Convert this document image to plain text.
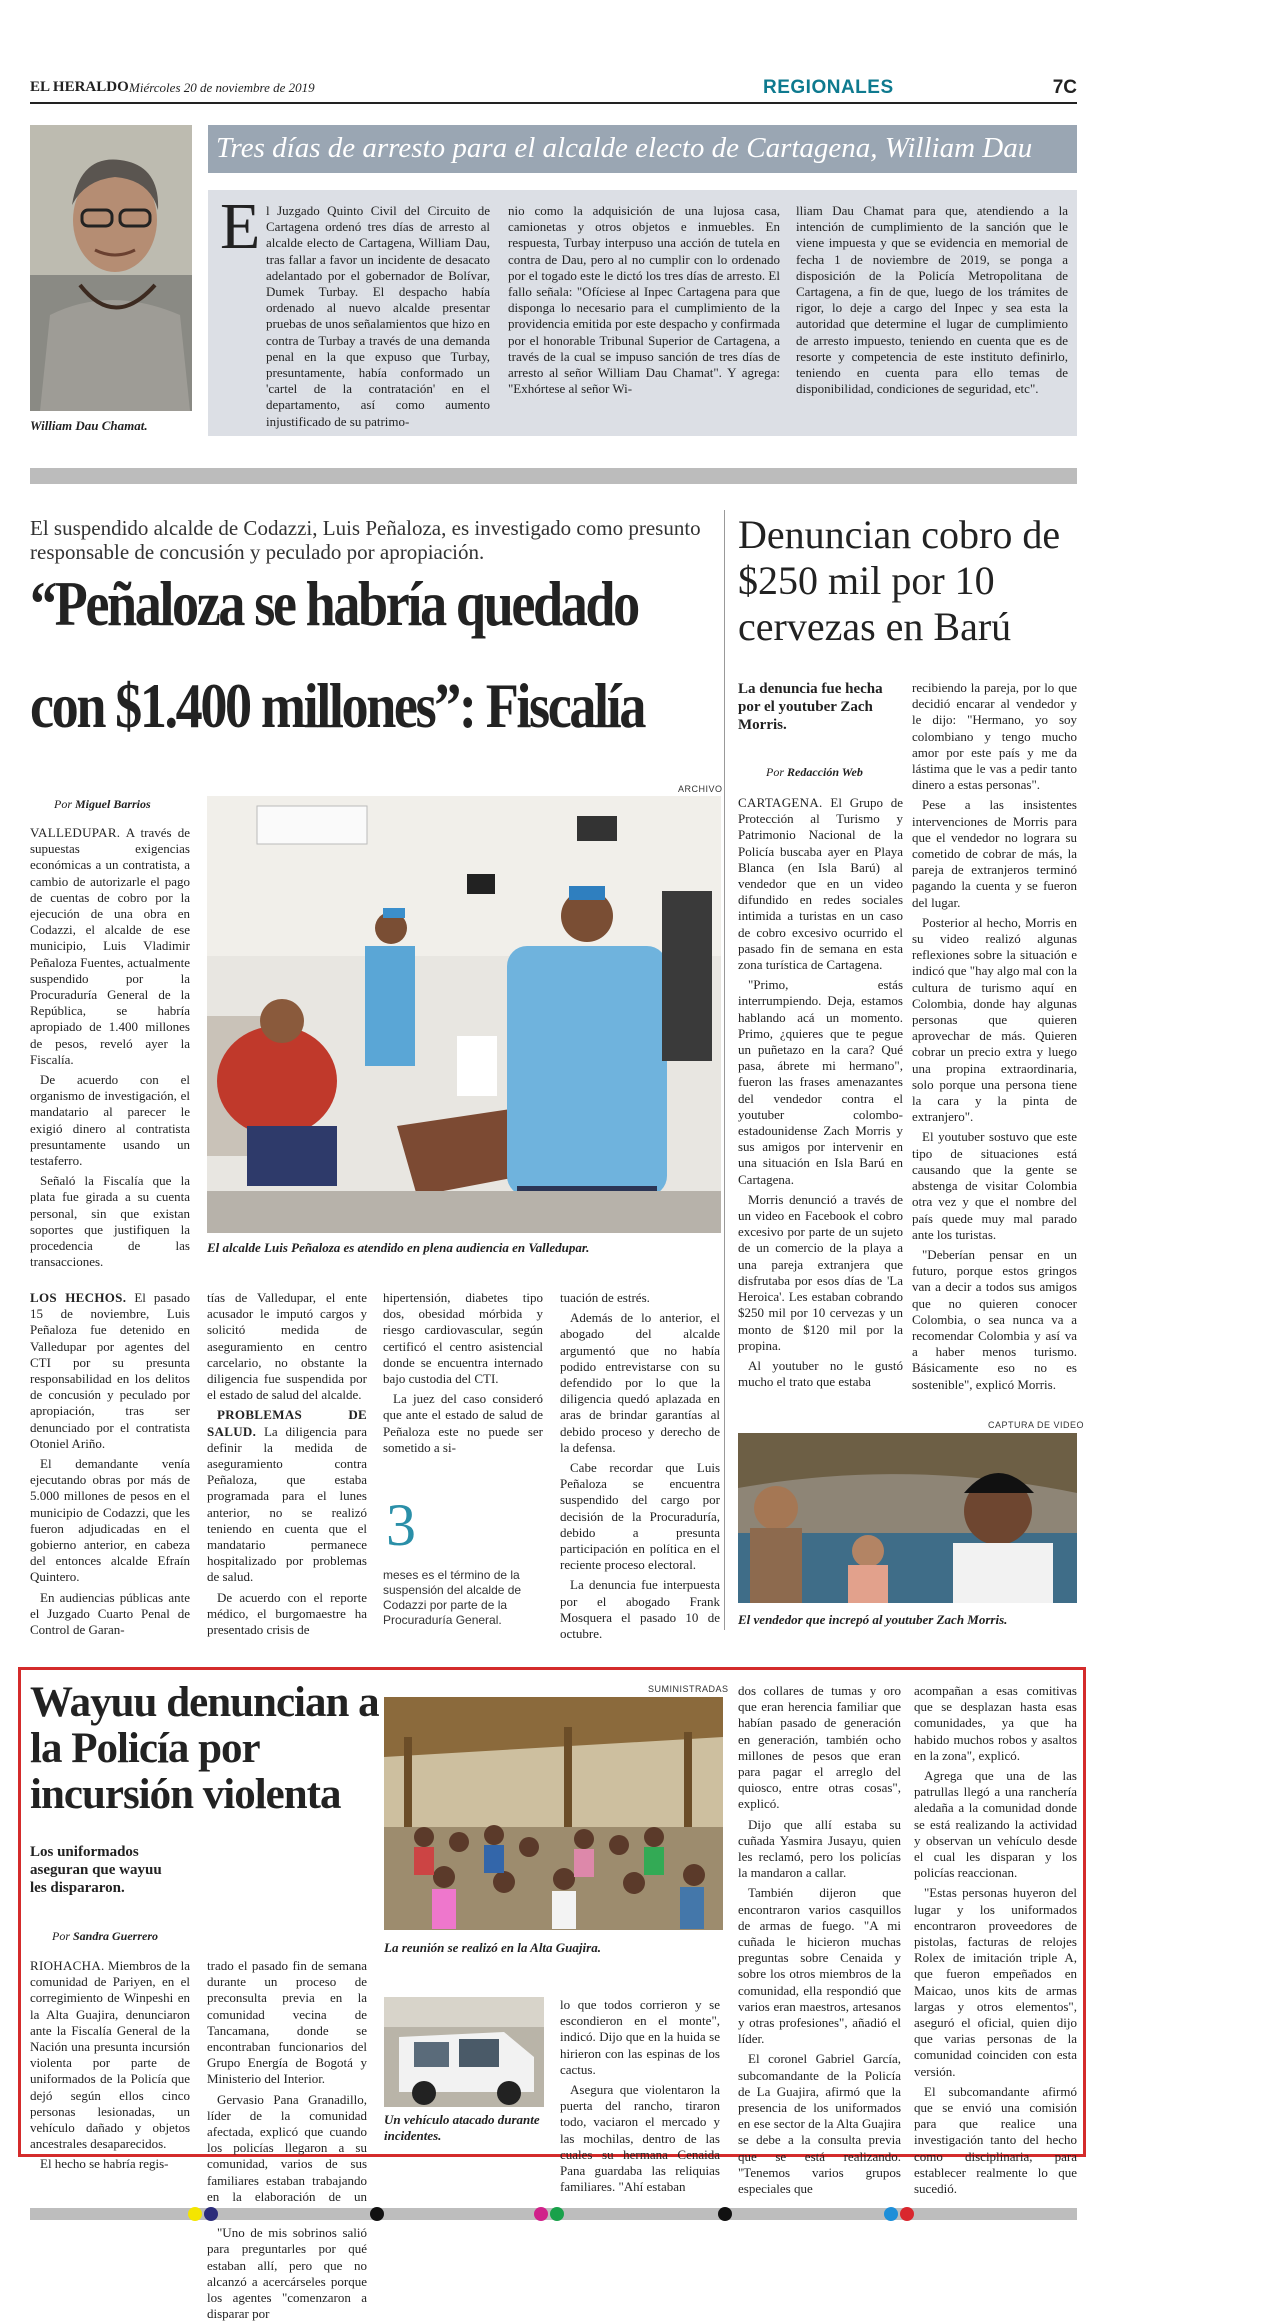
EL HERALDO Miércoles 20 de noviembre de 2019	REGIONALES	7C
William Dau Chamat.
Tres días de arresto para el alcalde electo de Cartagena, William Dau
E l Juzgado Quinto Civil del Circuito de Cartagena ordenó tres días de arresto al alcalde electo de Cartagena, William Dau, tras fallar a favor un incidente de desacato adelantado por el gobernador de Bolívar, Dumek Turbay. El despacho había ordenado al nuevo alcalde presentar pruebas de unos señalamientos que hizo en contra de Turbay a través de una demanda penal en la que expuso que Turbay, presuntamente, había conformado un 'cartel de la contratación' en el departamento, así como aumento injustificado de su patrimo-

nio como la adquisición de una lujosa casa, camionetas y otros objetos e inmuebles. En respuesta, Turbay interpuso una acción de tutela en contra de Dau, pero al no cumplir con lo ordenado por el togado este le dictó los tres días de arresto. El fallo señala: "Ofíciese al Inpec Cartagena para que disponga lo necesario para el cumplimiento de la providencia emitida por este despacho y confirmada por el honorable Tribunal Superior de Cartagena, a través de la cual se impuso sanción de tres días de arresto al señor William Dau Chamat". Y agrega: "Exhórtese al señor Wi-

lliam Dau Chamat para que, atendiendo a la intención de cumplimiento de la sanción que le viene impuesta y que se evidencia en memorial de fecha 1 de noviembre de 2019, se ponga a disposición de la Policía Metropolitana de Cartagena, a fin de que, luego de los trámites de rigor, lo deje a cargo del Inpec y sea esta la autoridad que determine el lugar de cumplimiento de arresto impuesto, teniendo en cuenta que es de resorte y competencia de este instituto definirlo, teniendo en cuenta para ello temas de disponibilidad, condiciones de seguridad, etc".

El suspendido alcalde de Codazzi, Luis Peñaloza, es investigado como presunto responsable de concusión y peculado por apropiación.
“Peñaloza se habría quedado
con $1.400 millones”: Fiscalía
Por Miguel Barrios

VALLEDUPAR. A través de supuestas exigencias económicas a un contratista, a cambio de autorizarle el pago de cuentas de cobro por la ejecución de una obra en Codazzi, el alcalde de ese municipio, Luis Vladimir Peñaloza Fuentes, actualmente suspendido por la Procuraduría General de la República, se habría apropiado de 1.400 millones de pesos, reveló ayer la Fiscalía.

De acuerdo con el organismo de investigación, el mandatario al parecer le exigió dinero al contratista presuntamente usando un testaferro.

Señaló la Fiscalía que la plata fue girada a su cuenta personal, sin que existan soportes que justifiquen la procedencia de las transacciones.

ARCHIVO
El alcalde Luis Peñaloza es atendido en plena audiencia en Valledupar.

LOS HECHOS. El pasado 15 de noviembre, Luis Peñaloza fue detenido en Valledupar por agentes del CTI por su presunta responsabilidad en los delitos de concusión y peculado por apropiación, tras ser denunciado por el contratista Otoniel Ariño.

El demandante venía ejecutando obras por más de 5.000 millones de pesos en el municipio de Codazzi, que les fueron adjudicadas en el gobierno anterior, en cabeza del entonces alcalde Efraín Quintero.

En audiencias públicas ante el Juzgado Cuarto Penal de Control de Garan-

tías de Valledupar, el ente acusador le imputó cargos y solicitó medida de aseguramiento en centro carcelario, no obstante la diligencia fue suspendida por el estado de salud del alcalde.

PROBLEMAS DE SALUD. La diligencia para definir la medida de aseguramiento contra Peñaloza, que estaba programada para el lunes anterior, no se realizó teniendo en cuenta que el mandatario permanece hospitalizado por problemas de salud.

De acuerdo con el reporte médico, el burgomaestre ha presentado crisis de

hipertensión, diabetes tipo dos, obesidad mórbida y riesgo cardiovascular, según certificó el centro asistencial donde se encuentra internado bajo custodia del CTI.

La juez del caso consideró que ante el estado de salud de Peñaloza este no puede ser sometido a si-

3
meses es el término de la suspensión del alcalde de Codazzi por parte de la Procuraduría General.

tuación de estrés.

Además de lo anterior, el abogado del alcalde argumentó que no había podido entrevistarse con su defendido por lo que la diligencia quedó aplazada en aras de brindar garantías al debido proceso y derecho de la defensa.

Cabe recordar que Luis Peñaloza se encuentra suspendido del cargo por decisión de la Procuraduría, debido a presunta participación en política en el reciente proceso electoral.

La denuncia fue interpuesta por el abogado Frank Mosquera el pasado 10 de octubre.

Denuncian cobro de $250 mil por 10 cervezas en Barú
La denuncia fue hecha por el youtuber Zach Morris.
Por Redacción Web

CARTAGENA. El Grupo de Protección al Turismo y Patrimonio Nacional de la Policía buscaba ayer en Playa Blanca (en Isla Barú) al vendedor que en un video difundido en redes sociales intimida a turistas en un caso de cobro excesivo ocurrido el pasado fin de semana en esta zona turística de Cartagena.

"Primo, estás interrumpiendo. Deja, estamos hablando acá un momento. Primo, ¿quieres que te pegue un puñetazo en la cara? Qué pasa, ábrete mi hermano", fueron las frases amenazantes del vendedor contra el youtuber colombo-estadounidense Zach Morris y sus amigos por intervenir en una situación en Isla Barú en Cartagena.

Morris denunció a través de un video en Facebook el cobro excesivo por parte de un sujeto de un comercio de la playa a una pareja extranjera que disfrutaba por esos días de 'La Heroica'. Les estaban cobrando $250 mil por 10 cervezas y un monto de $120 mil por la propina.

Al youtuber no le gustó mucho el trato que estaba

recibiendo la pareja, por lo que decidió encarar al vendedor y le dijo: "Hermano, yo soy colombiano y tengo mucho amor por este país y me da lástima que le vas a pedir tanto dinero a estas personas".

Pese a las insistentes intervenciones de Morris para que el vendedor no lograra su cometido de cobrar de más, la pareja de extranjeros terminó pagando la cuenta y se fueron del lugar.

Posterior al hecho, Morris en su video realizó algunas reflexiones sobre la situación e indicó que "hay algo mal con la cultura de turismo aquí en Colombia, donde hay algunas personas que quieren aprovechar de más. Quieren cobrar un precio extra y luego una propina extraordinaria, solo porque una persona tiene la cara y la pinta de extranjero".

El youtuber sostuvo que este tipo de situaciones está causando que la gente se abstenga de visitar Colombia otra vez y que el nombre del país quede muy mal parado ante los turistas.

"Deberían pensar en un futuro, porque estos gringos van a decir a todos sus amigos que no quieren conocer Colombia, o sea nunca va a recomendar Colombia y así va a haber menos turismo. Básicamente eso no es sostenible", explicó Morris.

CAPTURA DE VIDEO
El vendedor que increpó al youtuber Zach Morris.
Wayuu denuncian a la Policía por incursión violenta
Los uniformados aseguran que wayuu les dispararon.
Por Sandra Guerrero

RIOHACHA. Miembros de la comunidad de Pariyen, en el corregimiento de Winpeshi en la Alta Guajira, denunciaron ante la Fiscalía General de la Nación una presunta incursión violenta por parte de uniformados de la Policía que dejó según ellos cinco personas lesionadas, un vehículo dañado y objetos ancestrales desaparecidos.

El hecho se habría regis-

SUMINISTRADAS
La reunión se realizó en la Alta Guajira.

trado el pasado fin de semana durante un proceso de preconsulta previa en la comunidad vecina de Tancamana, donde se encontraban funcionarios del Grupo Energía de Bogotá y Ministerio del Interior.

Gervasio Pana Granadillo, líder de la comunidad afectada, explicó que cuando los policías llegaron a su comunidad, varios de sus familiares estaban trabajando en la elaboración de un

"Uno de mis sobrinos salió para preguntarles por qué estaban allí, pero que no alcanzó a acercárseles porque los agentes "comenzaron a disparar por

Un vehículo atacado durante incidentes.

lo que todos corrieron y se escondieron en el monte", indicó. Dijo que en la huida se hirieron con las espinas de los cactus.

Asegura que violentaron la puerta del rancho, tiraron todo, vaciaron el mercado y las mochilas, dentro de las cuales su hermana Cenaida Pana guardaba las reliquias familiares. "Ahí estaban

dos collares de tumas y oro que eran herencia familiar que habían pasado de generación en generación, también ocho millones de pesos que eran para pagar el arreglo del quiosco, entre otras cosas", explicó.

Dijo que allí estaba su cuñada Yasmira Jusayu, quien les reclamó, pero los policías la mandaron a callar.

También dijeron que encontraron varios casquillos de armas de fuego. "A mi cuñada le hicieron muchas preguntas sobre Cenaida y sobre los otros miembros de la comunidad, ella respondió que varios eran maestros, artesanos y otras profesiones", añadió el líder.

El coronel Gabriel García, subcomandante de la Policía de La Guajira, afirmó que la presencia de los uniformados en ese sector de la Alta Guajira se debe a la consulta previa que se está realizando. "Tenemos varios grupos especiales que

acompañan a esas comitivas que se desplazan hasta esas comunidades, ya que ha habido muchos robos y asaltos en la zona", explicó.

Agrega que una de las patrullas llegó a una ranchería aledaña a la comunidad donde se está realizando la actividad y observan un vehículo desde el cual les disparan y los policías reaccionan.

"Estas personas huyeron del lugar y los uniformados encontraron proveedores de pistolas, facturas de relojes Rolex de imitación triple A, que fueron empeñados en Maicao, unos kits de armas largas y otros elementos", aseguró el oficial, quien dijo que varias personas de la comunidad coinciden con esta versión.

El subcomandante afirmó que se envió una comisión para que realice una investigación tanto del hecho como disciplinaria, para establecer realmente lo que sucedió.
